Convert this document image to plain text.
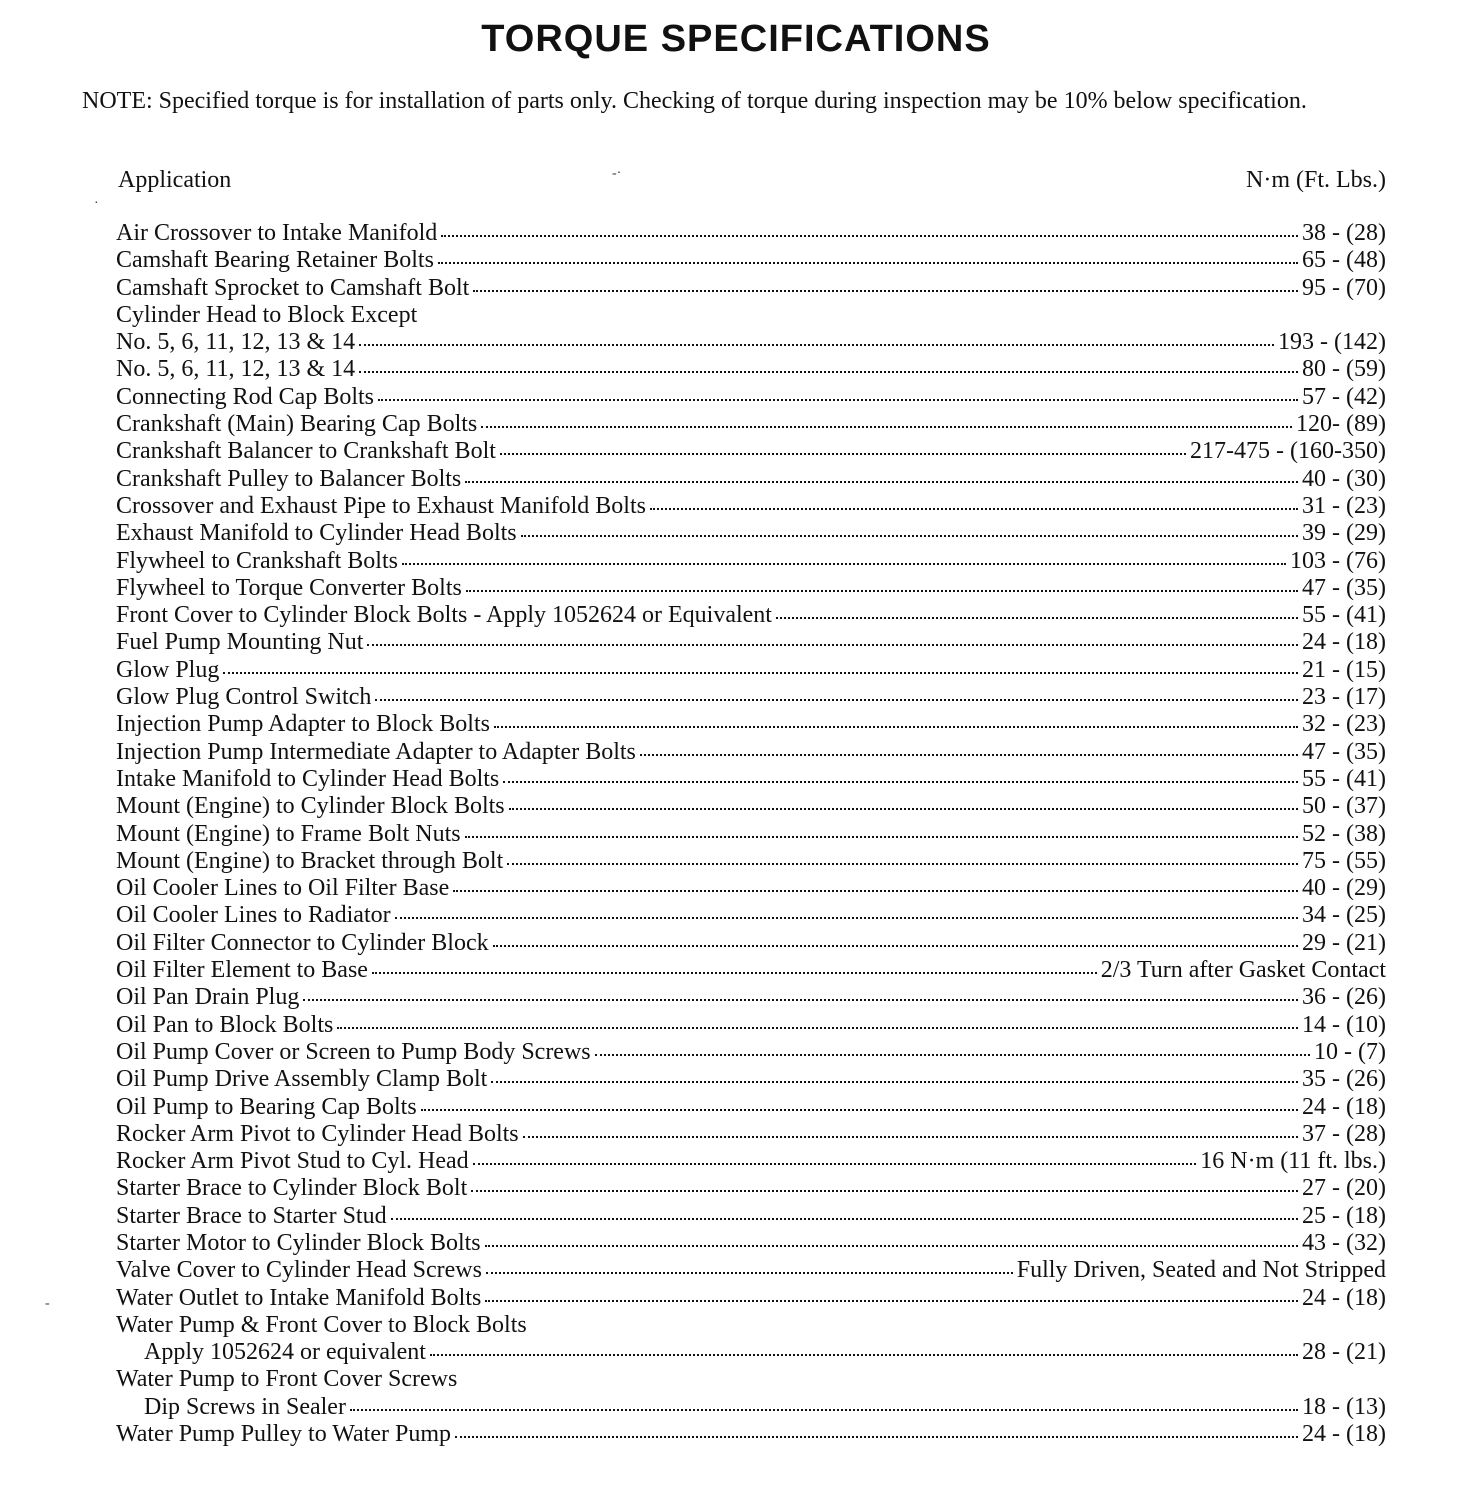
TORQUE SPECIFICATIONS
NOTE: Specified torque is for installation of parts only. Checking of torque during inspection may be 10% below specification.
Application	N·m (Ft. Lbs.)
-·
·
-
Air Crossover to Intake Manifold	38 - (28)
Camshaft Bearing Retainer Bolts	65 - (48)
Camshaft Sprocket to Camshaft Bolt	95 - (70)
Cylinder Head to Block Except
No. 5, 6, 11, 12, 13 & 14	193 - (142)
No. 5, 6, 11, 12, 13 & 14	80 - (59)
Connecting Rod Cap Bolts	57 - (42)
Crankshaft (Main) Bearing Cap Bolts	120- (89)
Crankshaft Balancer to Crankshaft Bolt	217-475 - (160-350)
Crankshaft Pulley to Balancer Bolts	40 - (30)
Crossover and Exhaust Pipe to Exhaust Manifold Bolts	31 - (23)
Exhaust Manifold to Cylinder Head Bolts	39 - (29)
Flywheel to Crankshaft Bolts	103 - (76)
Flywheel to Torque Converter Bolts	47 - (35)
Front Cover to Cylinder Block Bolts - Apply 1052624 or Equivalent	55 - (41)
Fuel Pump Mounting Nut	24 - (18)
Glow Plug	21 - (15)
Glow Plug Control Switch	23 - (17)
Injection Pump Adapter to Block Bolts	32 - (23)
Injection Pump Intermediate Adapter to Adapter Bolts	47 - (35)
Intake Manifold to Cylinder Head Bolts	55 - (41)
Mount (Engine) to Cylinder Block Bolts	50 - (37)
Mount (Engine) to Frame Bolt Nuts	52 - (38)
Mount (Engine) to Bracket through Bolt	75 - (55)
Oil Cooler Lines to Oil Filter Base	40 - (29)
Oil Cooler Lines to Radiator	34 - (25)
Oil Filter Connector to Cylinder Block	29 - (21)
Oil Filter Element to Base	2/3 Turn after Gasket Contact
Oil Pan Drain Plug	36 - (26)
Oil Pan to Block Bolts	14 - (10)
Oil Pump Cover or Screen to Pump Body Screws	10 - (7)
Oil Pump Drive Assembly Clamp Bolt	35 - (26)
Oil Pump to Bearing Cap Bolts	24 - (18)
Rocker Arm Pivot to Cylinder Head Bolts	37 - (28)
Rocker Arm Pivot Stud to Cyl. Head	16 N·m (11 ft. lbs.)
Starter Brace to Cylinder Block Bolt	27 - (20)
Starter Brace to Starter Stud	25 - (18)
Starter Motor to Cylinder Block Bolts	43 - (32)
Valve Cover to Cylinder Head Screws	Fully Driven, Seated and Not Stripped
Water Outlet to Intake Manifold Bolts	24 - (18)
Water Pump & Front Cover to Block Bolts
Apply 1052624 or equivalent	28 - (21)
Water Pump to Front Cover Screws
Dip Screws in Sealer	18 - (13)
Water Pump Pulley to Water Pump	24 - (18)
